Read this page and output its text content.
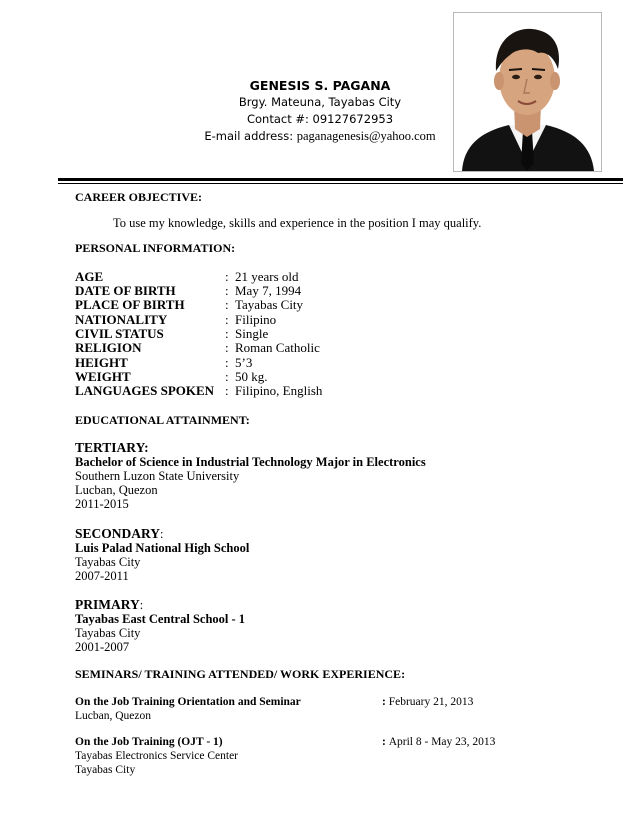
GENESIS S. PAGANA
Brgy. Mateuna, Tayabas City
Contact #: 09127672953
E-mail address: paganagenesis@yahoo.com
CAREER OBJECTIVE:
To use my knowledge, skills and experience in the position I may qualify.
PERSONAL INFORMATION:
AGE	: 21 years old
DATE OF BIRTH	: May 7, 1994
PLACE OF BIRTH	: Tayabas City
NATIONALITY	: Filipino
CIVIL STATUS	: Single
RELIGION	: Roman Catholic
HEIGHT	: 5’3
WEIGHT	: 50 kg.
LANGUAGES SPOKEN : Filipino, English
EDUCATIONAL ATTAINMENT:
TERTIARY:
Bachelor of Science in Industrial Technology Major in Electronics
Southern Luzon State University
Lucban, Quezon
2011-2015
SECONDARY:
Luis Palad National High School
Tayabas City
2007-2011
PRIMARY:
Tayabas East Central School - 1
Tayabas City
2001-2007
SEMINARS/ TRAINING ATTENDED/ WORK EXPERIENCE:
On the Job Training Orientation and Seminar	: February 21, 2013
Lucban, Quezon
On the Job Training (OJT - 1)	: April 8 - May 23, 2013
Tayabas Electronics Service Center
Tayabas City
